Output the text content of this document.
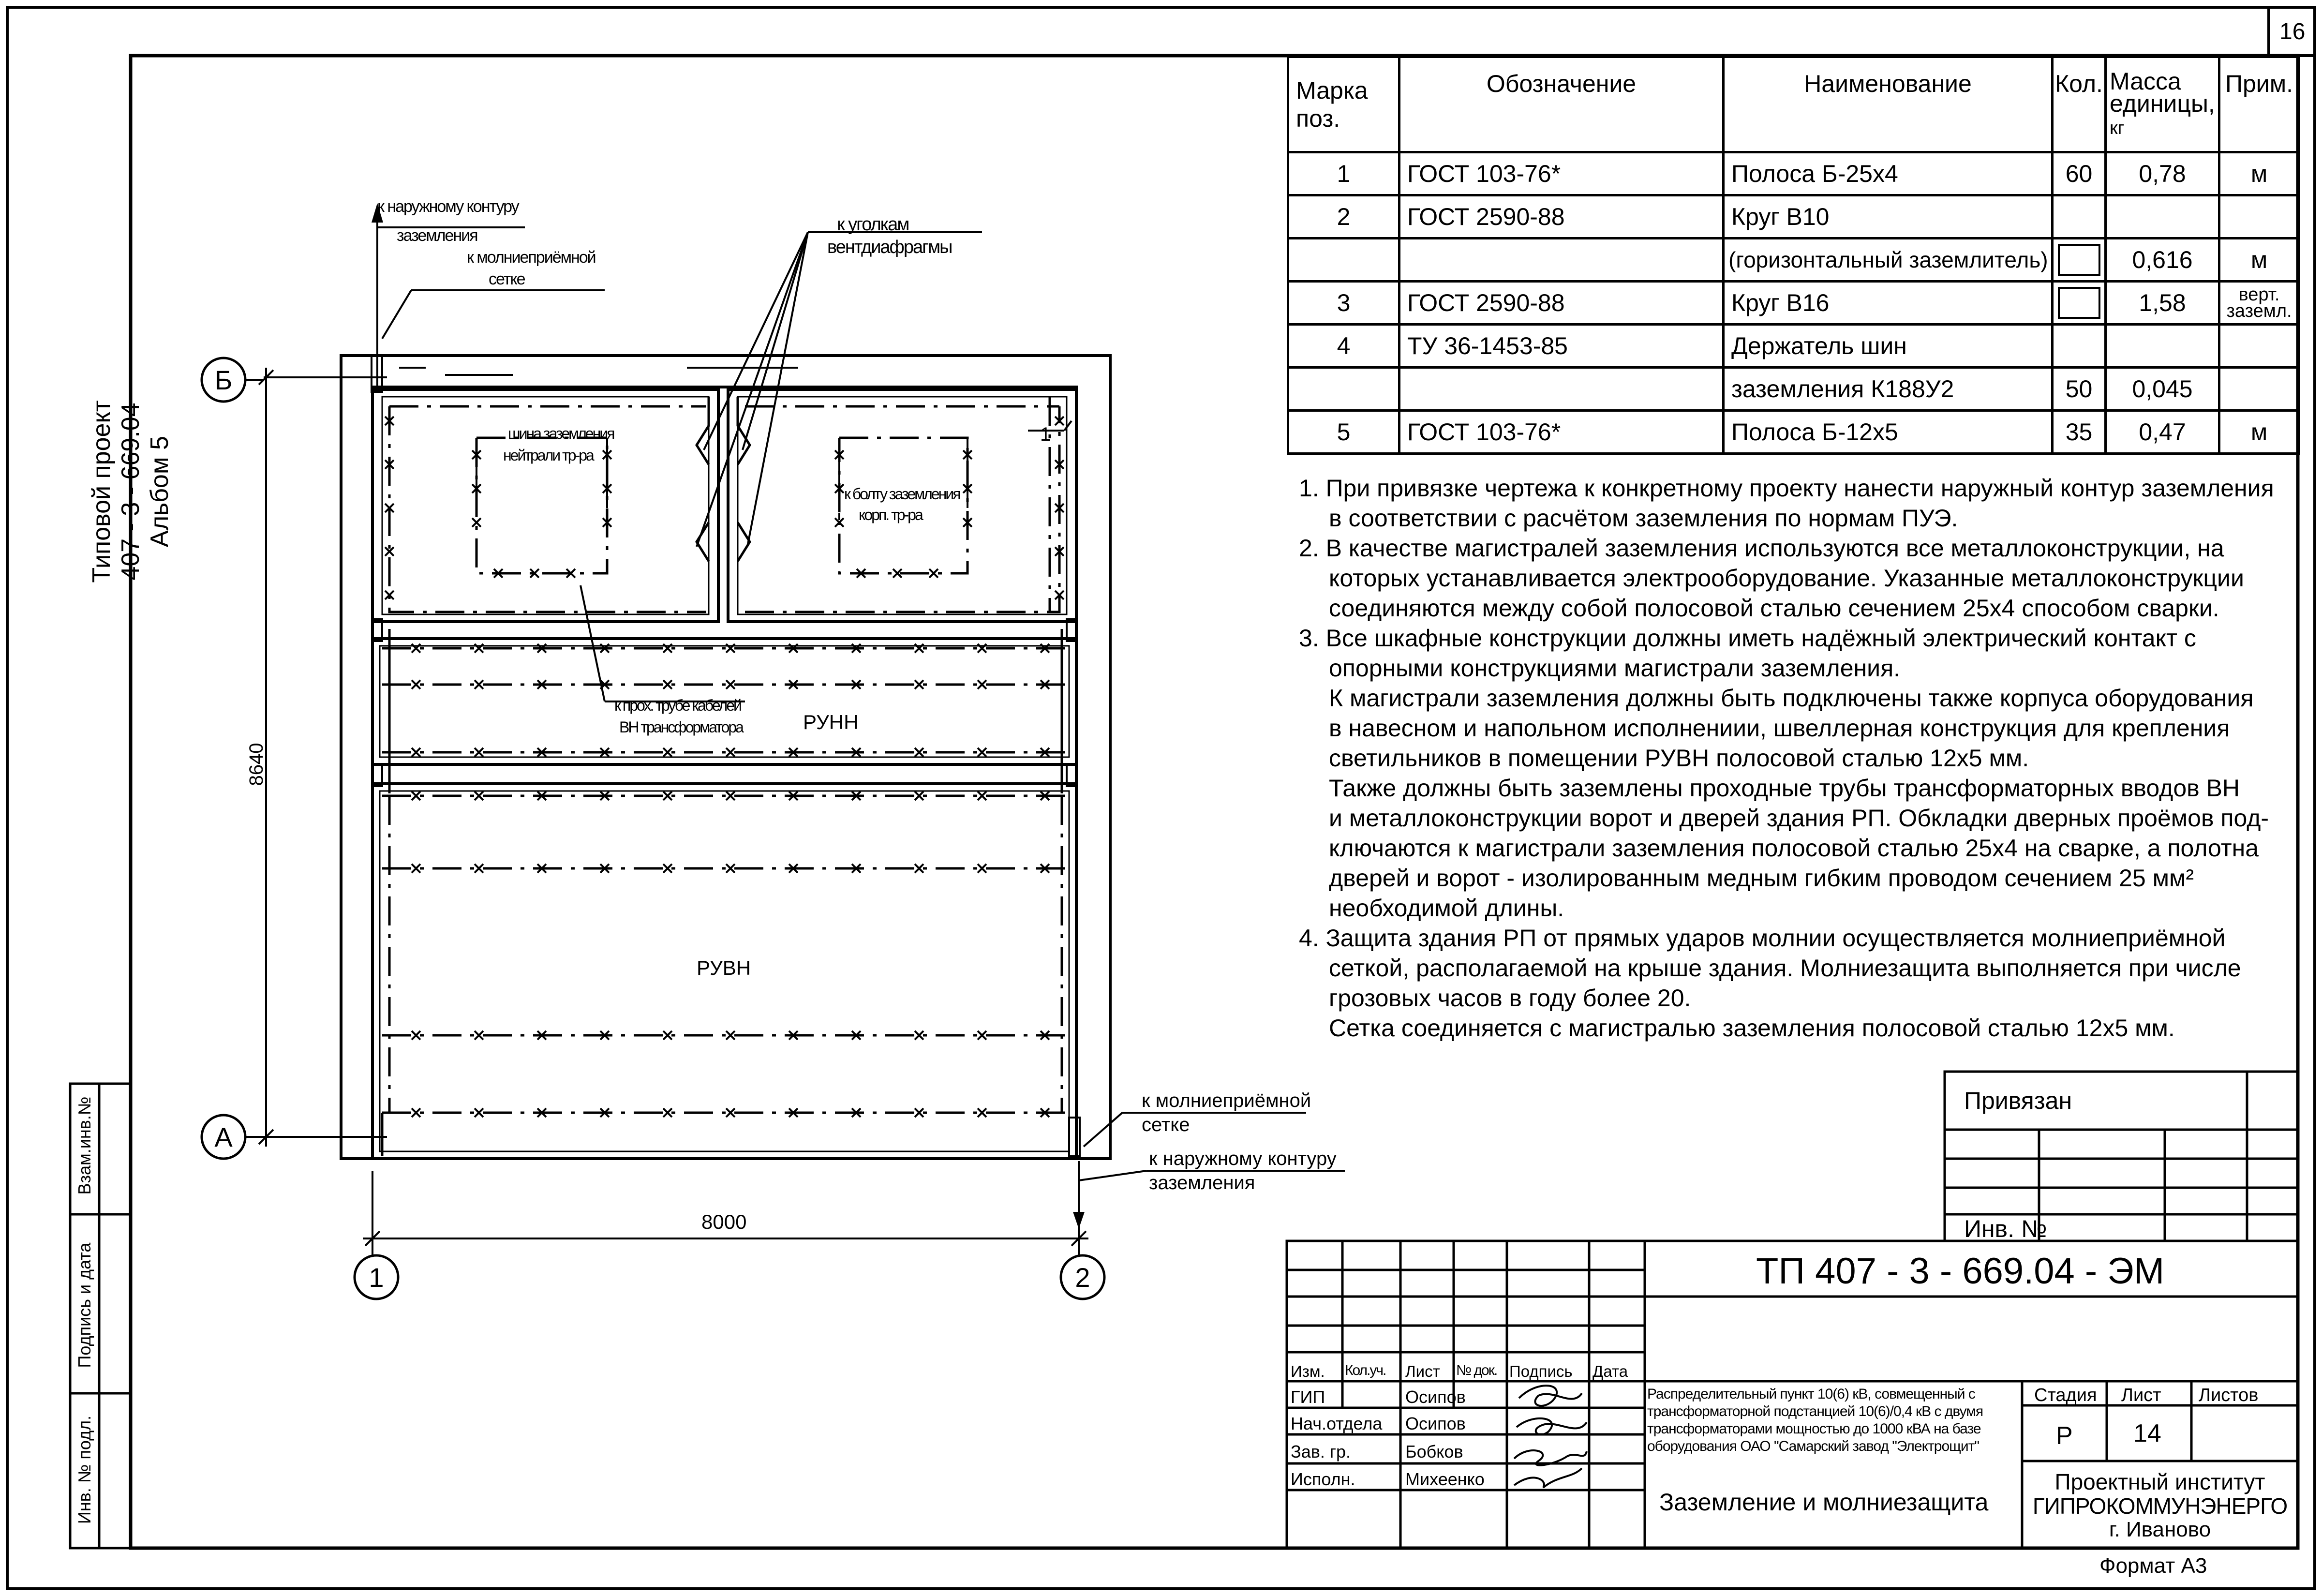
16
Типовой проект 407 - 3 - 669.04 Альбом 5
Взам.инв.№
Подпись и дата
Инв. № подл.
к наружному контуру
заземления
к молниеприёмной
сетке
к уголкам
вентдиафрагмы
шина заземления
нейтрали тр-ра
к болту заземления
корп. тр-ра
к прох. трубе кабелей
ВН трансформатора	РУНН
РУВН
1
к молниеприёмной
сетке
к наружному контуру
заземления
Б
А
1	2
8640
8000
Марка
поз.	Обозначение	Наименование	Кол.	Масса
единицы,
кг	Прим.
1	ГОСТ 103-76*	Полоса Б-25х4	60	0,78	м
2	ГОСТ 2590-88	Круг В10			
		(горизонтальный заземлитель)		0,616	м
3	ГОСТ 2590-88	Круг В16		1,58	верт. заземл.
4	ТУ 36-1453-85	Держатель шин			
		заземления К188У2	50	0,045	
5	ГОСТ 103-76*	Полоса Б-12х5	35	0,47	м

1. При привязке чертежа к конкретному проекту нанести наружный контур заземления

в соответствии с расчётом заземления по нормам ПУЭ.

2. В качестве магистралей заземления используются все металлоконструкции, на

которых устанавливается электрооборудование. Указанные металлоконструкции

соединяются между собой полосовой сталью сечением 25х4 способом сварки.

3. Все шкафные конструкции должны иметь надёжный электрический контакт с

опорными конструкциями магистрали заземления.

К магистрали заземления должны быть подключены также корпуса оборудования

в навесном и напольном исполнениии, швеллерная конструкция для крепления

светильников в помещении РУВН полосовой сталью 12х5 мм.

Также должны быть заземлены проходные трубы трансформаторных вводов ВН

и металлоконструкции ворот и дверей здания РП. Обкладки дверных проёмов под-

ключаются к магистрали заземления полосовой сталью 25х4 на сварке, а полотна

дверей и ворот - изолированным медным гибким проводом сечением 25 мм²

необходимой длины.

4. Защита здания РП от прямых ударов молнии осуществляется молниеприёмной

сеткой, располагаемой на крыше здания. Молниезащита выполняется при числе

грозовых часов в году более 20.

Сетка соединяется с магистралью заземления полосовой сталью 12х5 мм.

Привязан
Инв. №
ТП 407 - 3 - 669.04 - ЭМ
Изм. Кол.уч. Лист № док. Подпись Дата
ГИП	Осипов
Нач.отдела Осипов
Зав. гр.	Бобков
Исполн.	Михеенко
Распределительный пункт 10(6) кВ, совмещенный с
трансформаторной подстанцией 10(6)/0,4 кВ с двумя
трансформаторами мощностью до 1000 кВА на базе
оборудования ОАО "Самарский завод "Электрощит"
Заземление и молниезащита
Стадия Лист Листов
Р 14
Проектный институт
ГИПРОКОММУНЭНЕРГО
г. Иваново
Формат А3
